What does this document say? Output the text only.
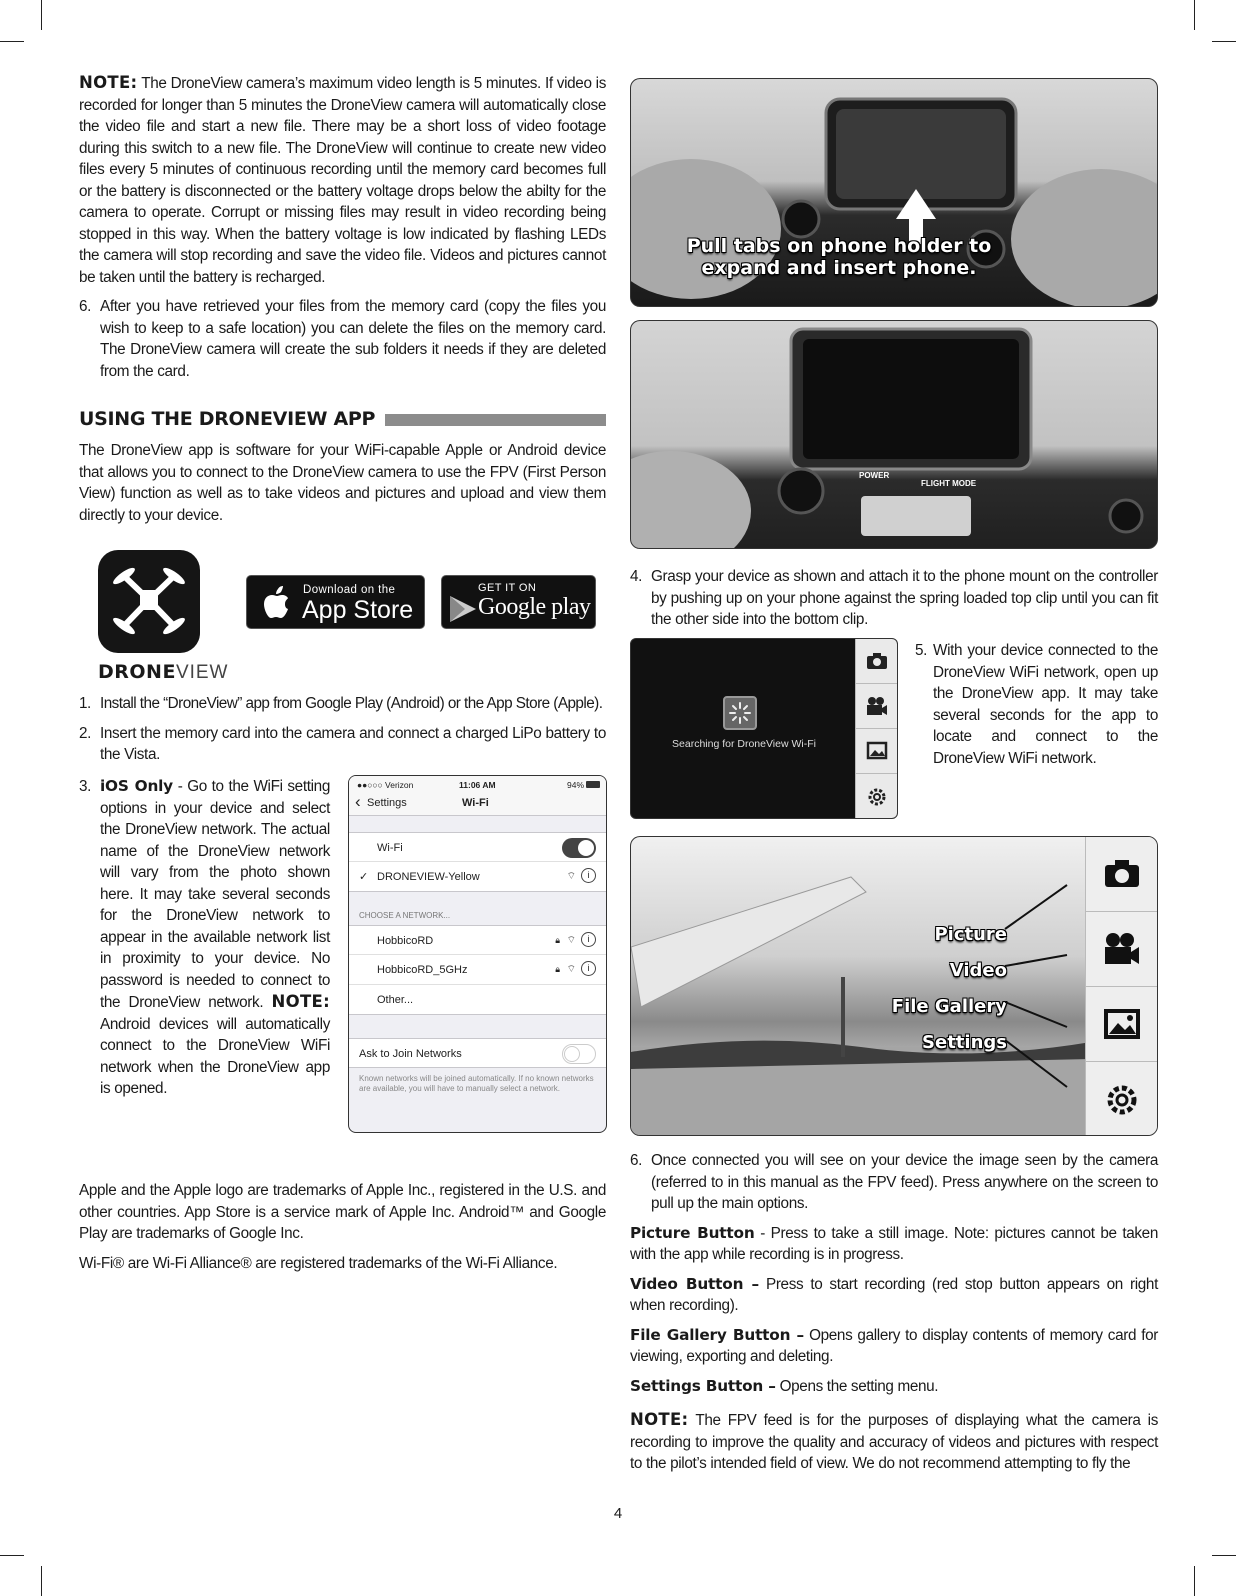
NOTE: The DroneView camera’s maximum video length is 5 minutes. If video is recorded for longer than 5 minutes the DroneView camera will automatically close the video file and start a new file. There may be a short loss of video footage during this switch to a new file. The DroneView will continue to create new video files every 5 minutes of continuous recording until the memory card becomes full or the battery is disconnected or the battery voltage drops below the abilty for the camera to operate. Corrupt or missing files may result in video recording being stopped in this way. When the battery voltage is low indicated by flashing LEDs the camera will stop recording and save the video file. Videos and pictures cannot be taken until the battery is recharged.

6. After you have retrieved your files from the memory card (copy the files you wish to keep to a safe location) you can delete the files on the memory card. The DroneView camera will create the sub folders it needs if they are deleted from the card.
USING THE DRONEVIEW APP

The DroneView app is software for your WiFi-capable Apple or Android device that allows you to connect to the DroneView camera to use the FPV (First Person View) function as well as to take videos and pictures and upload and view them directly to your device.

DRONEVIEW
Download on the
App Store
GET IT ON
Google play
1. Install the “DroneView” app from Google Play (Android) or the App Store (Apple).
2. Insert the memory card into the camera and connect a charged LiPo battery to the Vista.
3. iOS Only - Go to the WiFi setting options in your device and select the DroneView network. The actual name of the DroneView network will vary from the photo shown here. It may take several seconds for the DroneView network to appear in the available network list in proximity to your device. No password is needed to connect to the DroneView network. NOTE: Android devices will automatically connect to the DroneView WiFi network when the DroneView app is opened.
●●○○○ Verizon	11:06 AM	94%
‹ Settings	Wi-Fi
Wi-Fi
✓ DRONEVIEW-Yellow	⌔	i
CHOOSE A NETWORK...
HobbicoRD	🔒︎ ⌔	i
HobbicoRD_5GHz	🔒︎ ⌔	i
Other...
Ask to Join Networks
Known networks will be joined automatically. If no known networks are available, you will have to manually select a network.

Apple and the Apple logo are trademarks of Apple Inc., registered in the U.S. and other countries. App Store is a service mark of Apple Inc. Android™ and Google Play are trademarks of Google Inc.

Wi-Fi® are Wi-Fi Alliance® are registered trademarks of the Wi-Fi Alliance.

Pull tabs on phone holder to
expand and insert phone.
POWER
FLIGHT MODE
4. Grasp your device as shown and attach it to the phone mount on the controller by pushing up on your phone against the spring loaded top clip until you can fit the other side into the bottom clip.
Searching for DroneView Wi-Fi
5. With your device connected to the DroneView WiFi network, open up the DroneView app. It may take several seconds for the app to locate and connect to the DroneView WiFi network.
Picture
Video
File Gallery
Settings
6. Once connected you will see on your device the image seen by the camera (referred to in this manual as the FPV feed). Press anywhere on the screen to pull up the main options.

Picture Button - Press to take a still image. Note: pictures cannot be taken with the app while recording is in progress.

Video Button – Press to start recording (red stop button appears on right when recording).

File Gallery Button – Opens gallery to display contents of memory card for viewing, exporting and deleting.

Settings Button – Opens the setting menu.

NOTE: The FPV feed is for the purposes of displaying what the camera is recording to improve the quality and accuracy of videos and pictures with respect to the pilot’s intended field of view. We do not recommend attempting to fly the

4
